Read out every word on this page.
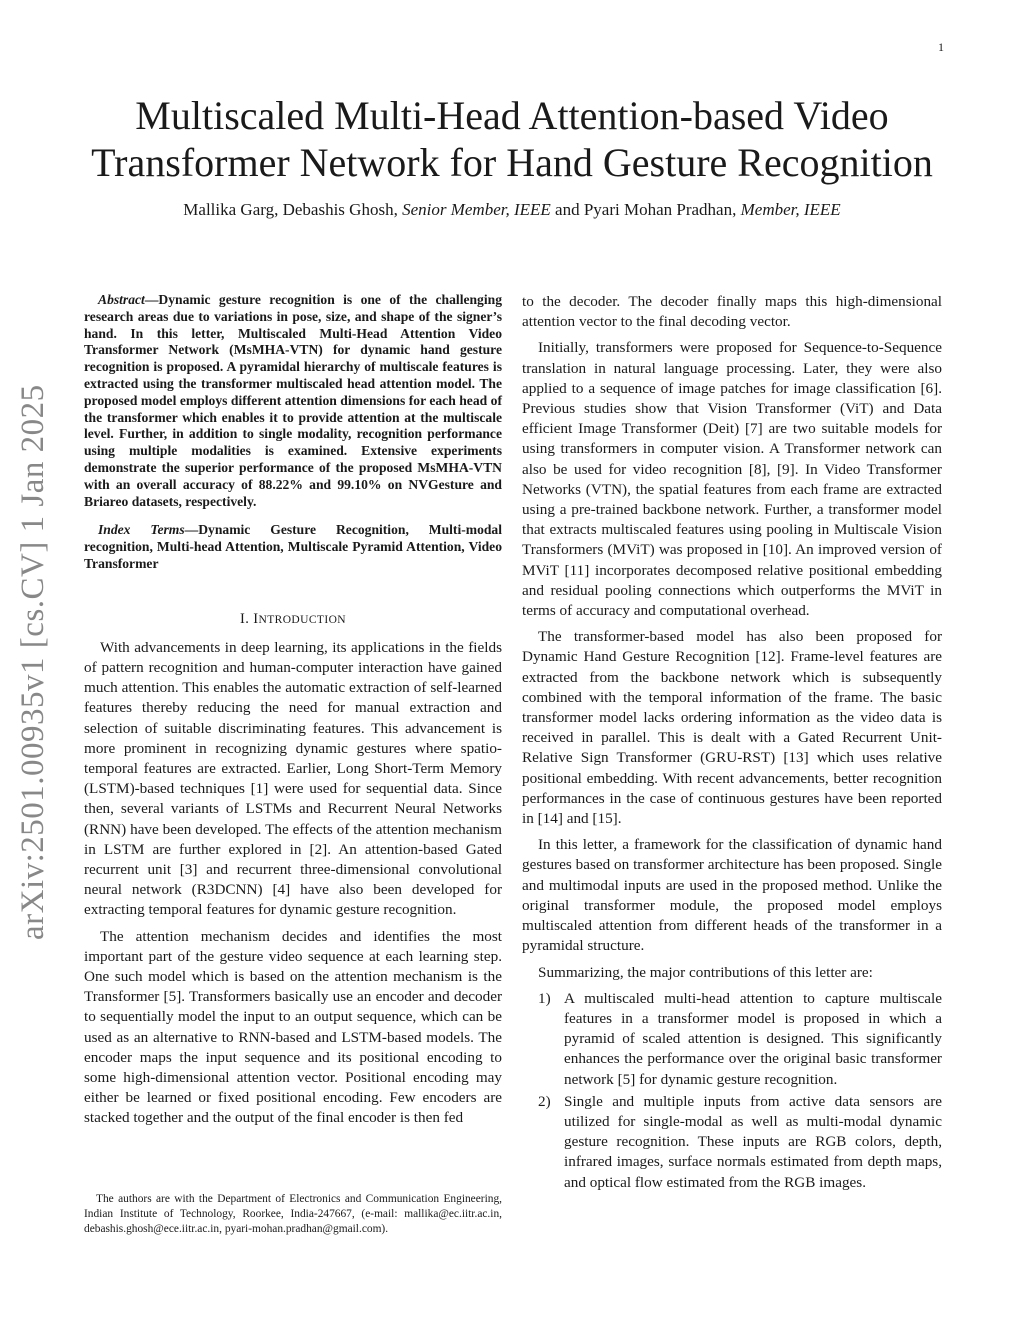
1
Multiscaled Multi-Head Attention-based Video
Transformer Network for Hand Gesture Recognition
Mallika Garg, Debashis Ghosh, Senior Member, IEEE and Pyari Mohan Pradhan, Member, IEEE
arXiv:2501.00935v1 [cs.CV] 1 Jan 2025

Abstract—Dynamic gesture recognition is one of the challenging research areas due to variations in pose, size, and shape of the signer’s hand. In this letter, Multiscaled Multi-Head Attention Video Transformer Network (MsMHA-VTN) for dynamic hand gesture recognition is proposed. A pyramidal hierarchy of multiscale features is extracted using the transformer multiscaled head attention model. The proposed model employs different attention dimensions for each head of the transformer which enables it to provide attention at the multiscale level. Further, in addition to single modality, recognition performance using multiple modalities is examined. Extensive experiments demonstrate the superior performance of the proposed MsMHA-VTN with an overall accuracy of 88.22% and 99.10% on NVGesture and Briareo datasets, respectively.

Index Terms—Dynamic Gesture Recognition, Multi-modal recognition, Multi-head Attention, Multiscale Pyramid Attention, Video Transformer

I. INTRODUCTION

With advancements in deep learning, its applications in the fields of pattern recognition and human-computer interaction have gained much attention. This enables the automatic extraction of self-learned features thereby reducing the need for manual extraction and selection of suitable discriminating features. This advancement is more prominent in recognizing dynamic gestures where spatio-temporal features are extracted. Earlier, Long Short-Term Memory (LSTM)-based techniques [1] were used for sequential data. Since then, several variants of LSTMs and Recurrent Neural Networks (RNN) have been developed. The effects of the attention mechanism in LSTM are further explored in [2]. An attention-based Gated recurrent unit [3] and recurrent three-dimensional convolutional neural network (R3DCNN) [4] have also been developed for extracting temporal features for dynamic gesture recognition.

The attention mechanism decides and identifies the most important part of the gesture video sequence at each learning step. One such model which is based on the attention mechanism is the Transformer [5]. Transformers basically use an encoder and decoder to sequentially model the input to an output sequence, which can be used as an alternative to RNN-based and LSTM-based models. The encoder maps the input sequence and its positional encoding to some high-dimensional attention vector. Positional encoding may either be learned or fixed positional encoding. Few encoders are stacked together and the output of the final encoder is then fed

The authors are with the Department of Electronics and Communication Engineering, Indian Institute of Technology, Roorkee, India-247667, (e-mail: mallika@ec.iitr.ac.in, debashis.ghosh@ece.iitr.ac.in, pyari-mohan.pradhan@gmail.com).

to the decoder. The decoder finally maps this high-dimensional attention vector to the final decoding vector.

Initially, transformers were proposed for Sequence-to-Sequence translation in natural language processing. Later, they were also applied to a sequence of image patches for image classification [6]. Previous studies show that Vision Transformer (ViT) and Data efficient Image Transformer (Deit) [7] are two suitable models for using transformers in computer vision. A Transformer network can also be used for video recognition [8], [9]. In Video Transformer Networks (VTN), the spatial features from each frame are extracted using a pre-trained backbone network. Further, a transformer model that extracts multiscaled features using pooling in Multiscale Vision Transformers (MViT) was proposed in [10]. An improved version of MViT [11] incorporates decomposed relative positional embedding and residual pooling connections which outperforms the MViT in terms of accuracy and computational overhead.

The transformer-based model has also been proposed for Dynamic Hand Gesture Recognition [12]. Frame-level features are extracted from the backbone network which is subsequently combined with the temporal information of the frame. The basic transformer model lacks ordering information as the video data is received in parallel. This is dealt with a Gated Recurrent Unit-Relative Sign Transformer (GRU-RST) [13] which uses relative positional embedding. With recent advancements, better recognition performances in the case of continuous gestures have been reported in [14] and [15].

In this letter, a framework for the classification of dynamic hand gestures based on transformer architecture has been proposed. Single and multimodal inputs are used in the proposed method. Unlike the original transformer module, the proposed model employs multiscaled attention from different heads of the transformer in a pyramidal structure.

Summarizing, the major contributions of this letter are:

1) A multiscaled multi-head attention to capture multiscale features in a transformer model is proposed in which a pyramid of scaled attention is designed. This significantly enhances the performance over the original basic transformer network [5] for dynamic gesture recognition.
2) Single and multiple inputs from active data sensors are utilized for single-modal as well as multi-modal dynamic gesture recognition. These inputs are RGB colors, depth, infrared images, surface normals estimated from depth maps, and optical flow estimated from the RGB images.
